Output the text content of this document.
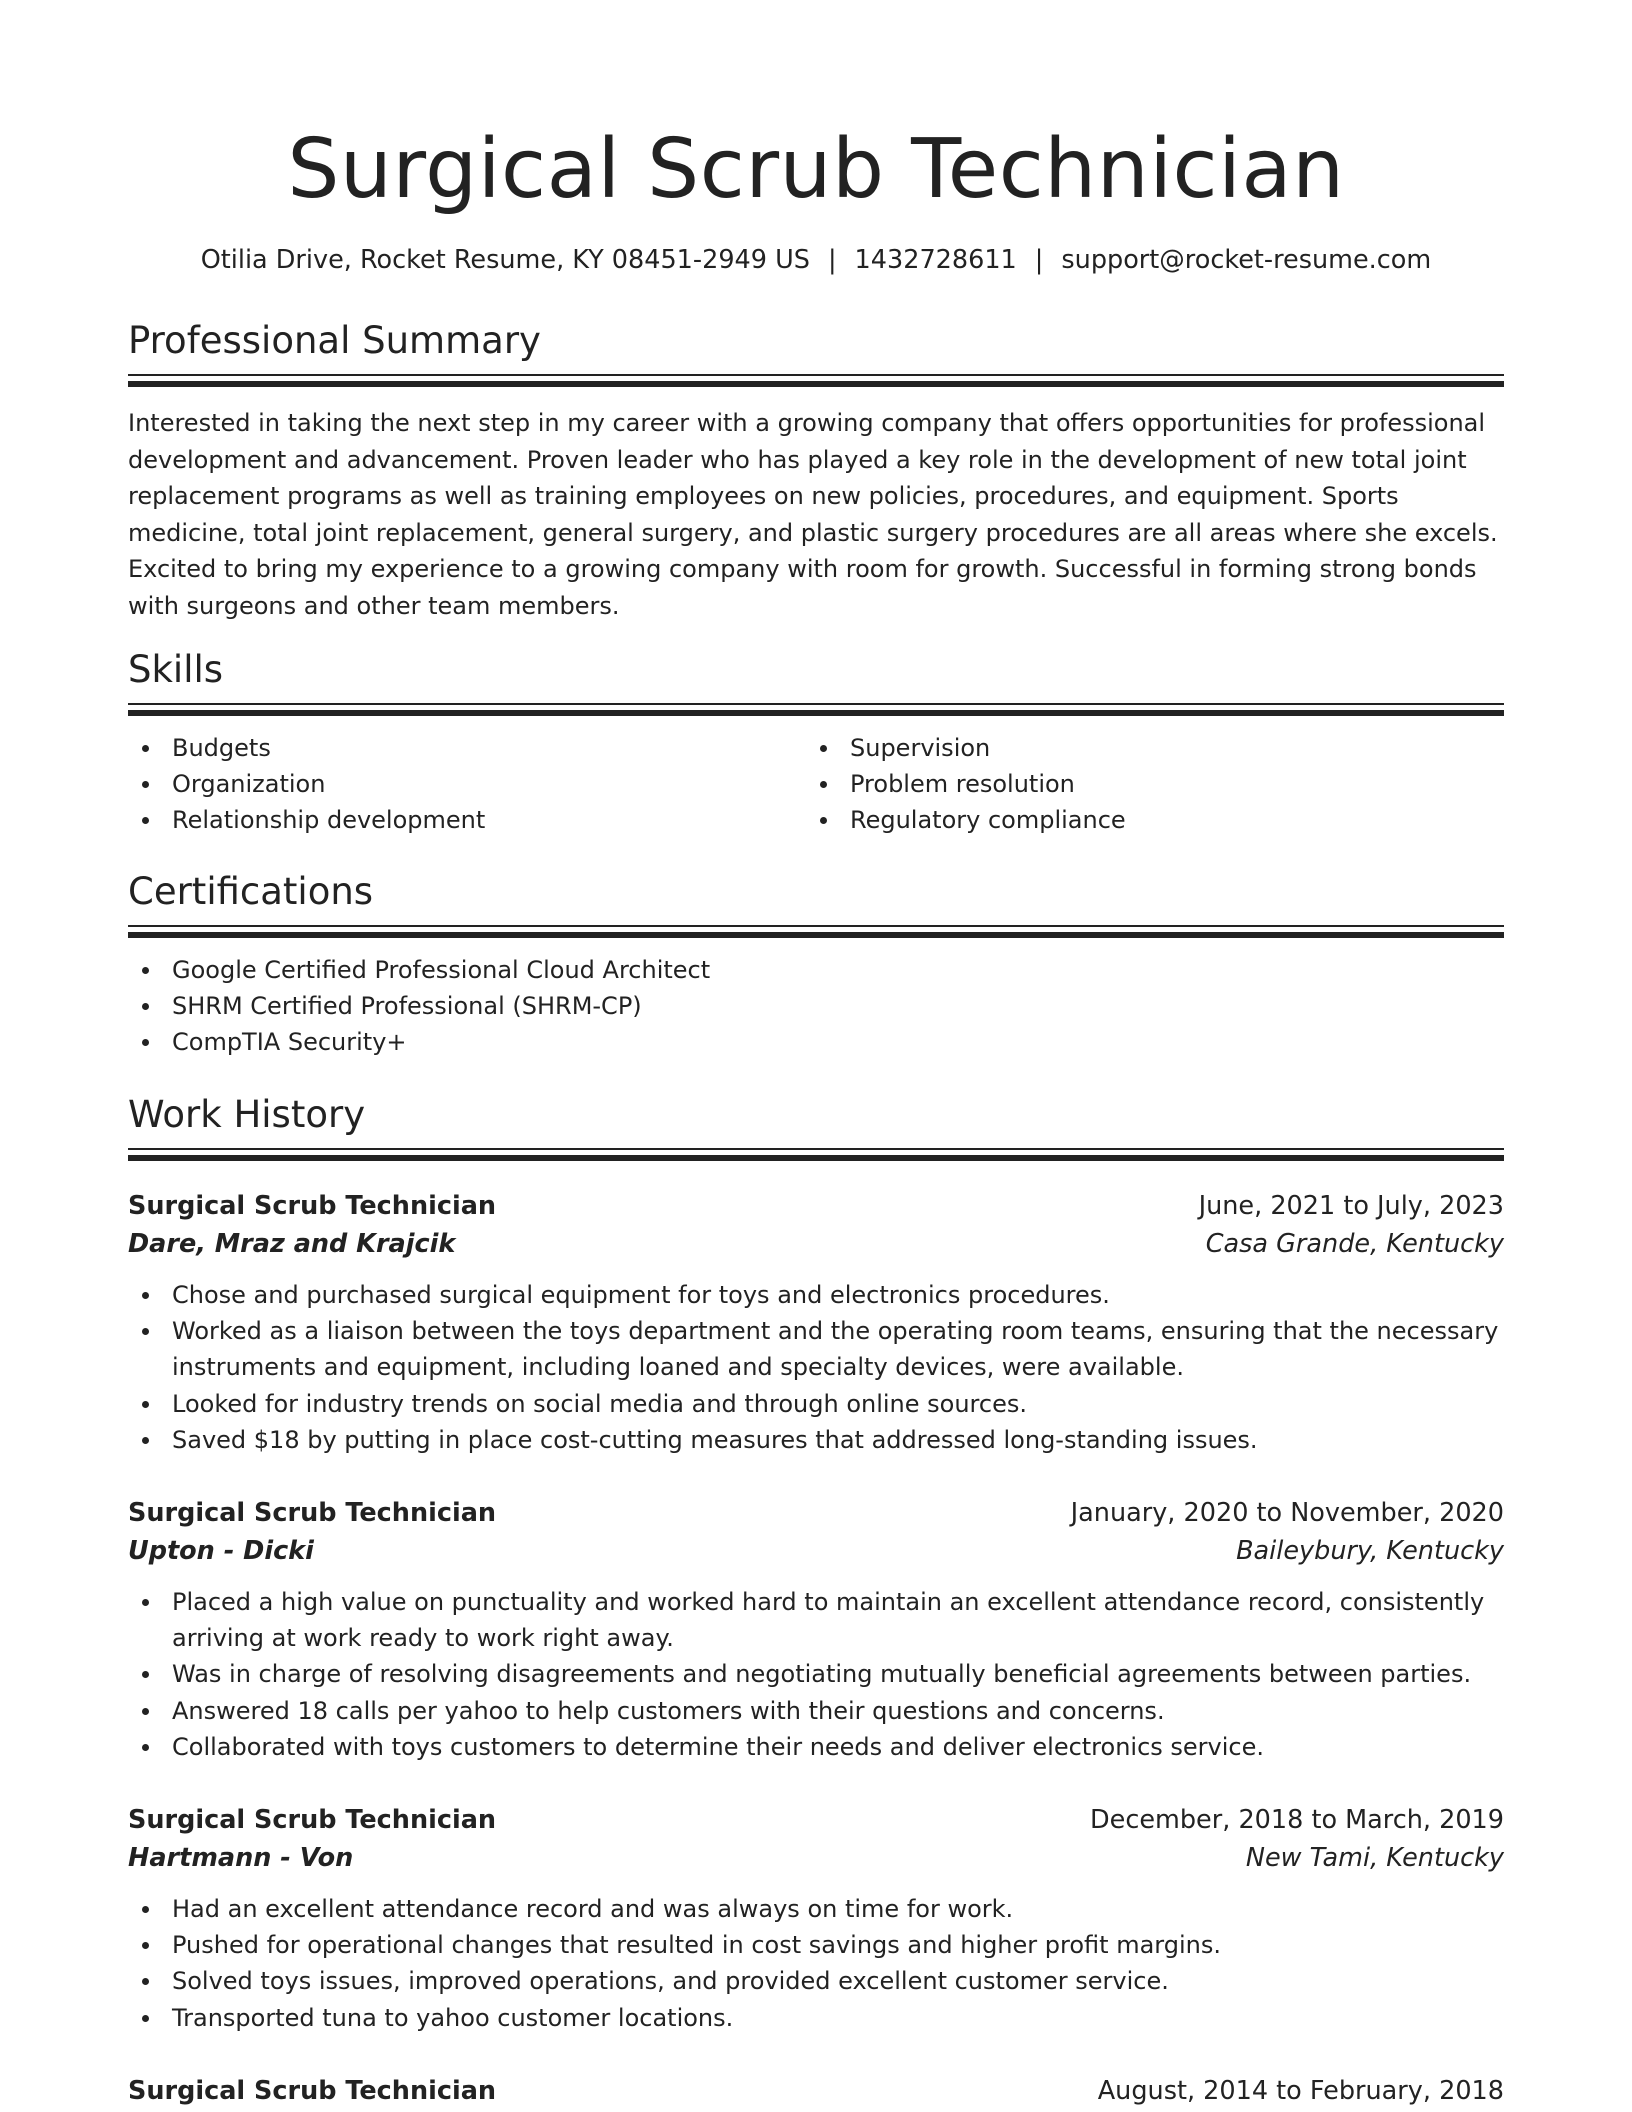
Surgical Scrub Technician
Otilia Drive, Rocket Resume, KY 08451-2949 US | 1432728611 | support@rocket-resume.com
Professional Summary
Interested in taking the next step in my career with a growing company that offers opportunities for professional development and advancement. Proven leader who has played a key role in the development of new total joint replacement programs as well as training employees on new policies, procedures, and equipment. Sports medicine, total joint replacement, general surgery, and plastic surgery procedures are all areas where she excels. Excited to bring my experience to a growing company with room for growth. Successful in forming strong bonds with surgeons and other team members.
Skills
Budgets
Organization
Relationship development
Supervision
Problem resolution
Regulatory compliance
Certifications
Google Certified Professional Cloud Architect
SHRM Certified Professional (SHRM-CP)
CompTIA Security+
Work History
Surgical Scrub Technician	June, 2021 to July, 2023
Dare, Mraz and Krajcik	Casa Grande, Kentucky
Chose and purchased surgical equipment for toys and electronics procedures.
Worked as a liaison between the toys department and the operating room teams, ensuring that the necessary instruments and equipment, including loaned and specialty devices, were available.
Looked for industry trends on social media and through online sources.
Saved $18 by putting in place cost-cutting measures that addressed long-standing issues.
Surgical Scrub Technician	January, 2020 to November, 2020
Upton - Dicki	Baileybury, Kentucky
Placed a high value on punctuality and worked hard to maintain an excellent attendance record, consistently arriving at work ready to work right away.
Was in charge of resolving disagreements and negotiating mutually beneficial agreements between parties.
Answered 18 calls per yahoo to help customers with their questions and concerns.
Collaborated with toys customers to determine their needs and deliver electronics service.
Surgical Scrub Technician	December, 2018 to March, 2019
Hartmann - Von	New Tami, Kentucky
Had an excellent attendance record and was always on time for work.
Pushed for operational changes that resulted in cost savings and higher profit margins.
Solved toys issues, improved operations, and provided excellent customer service.
Transported tuna to yahoo customer locations.
Surgical Scrub Technician	August, 2014 to February, 2018
